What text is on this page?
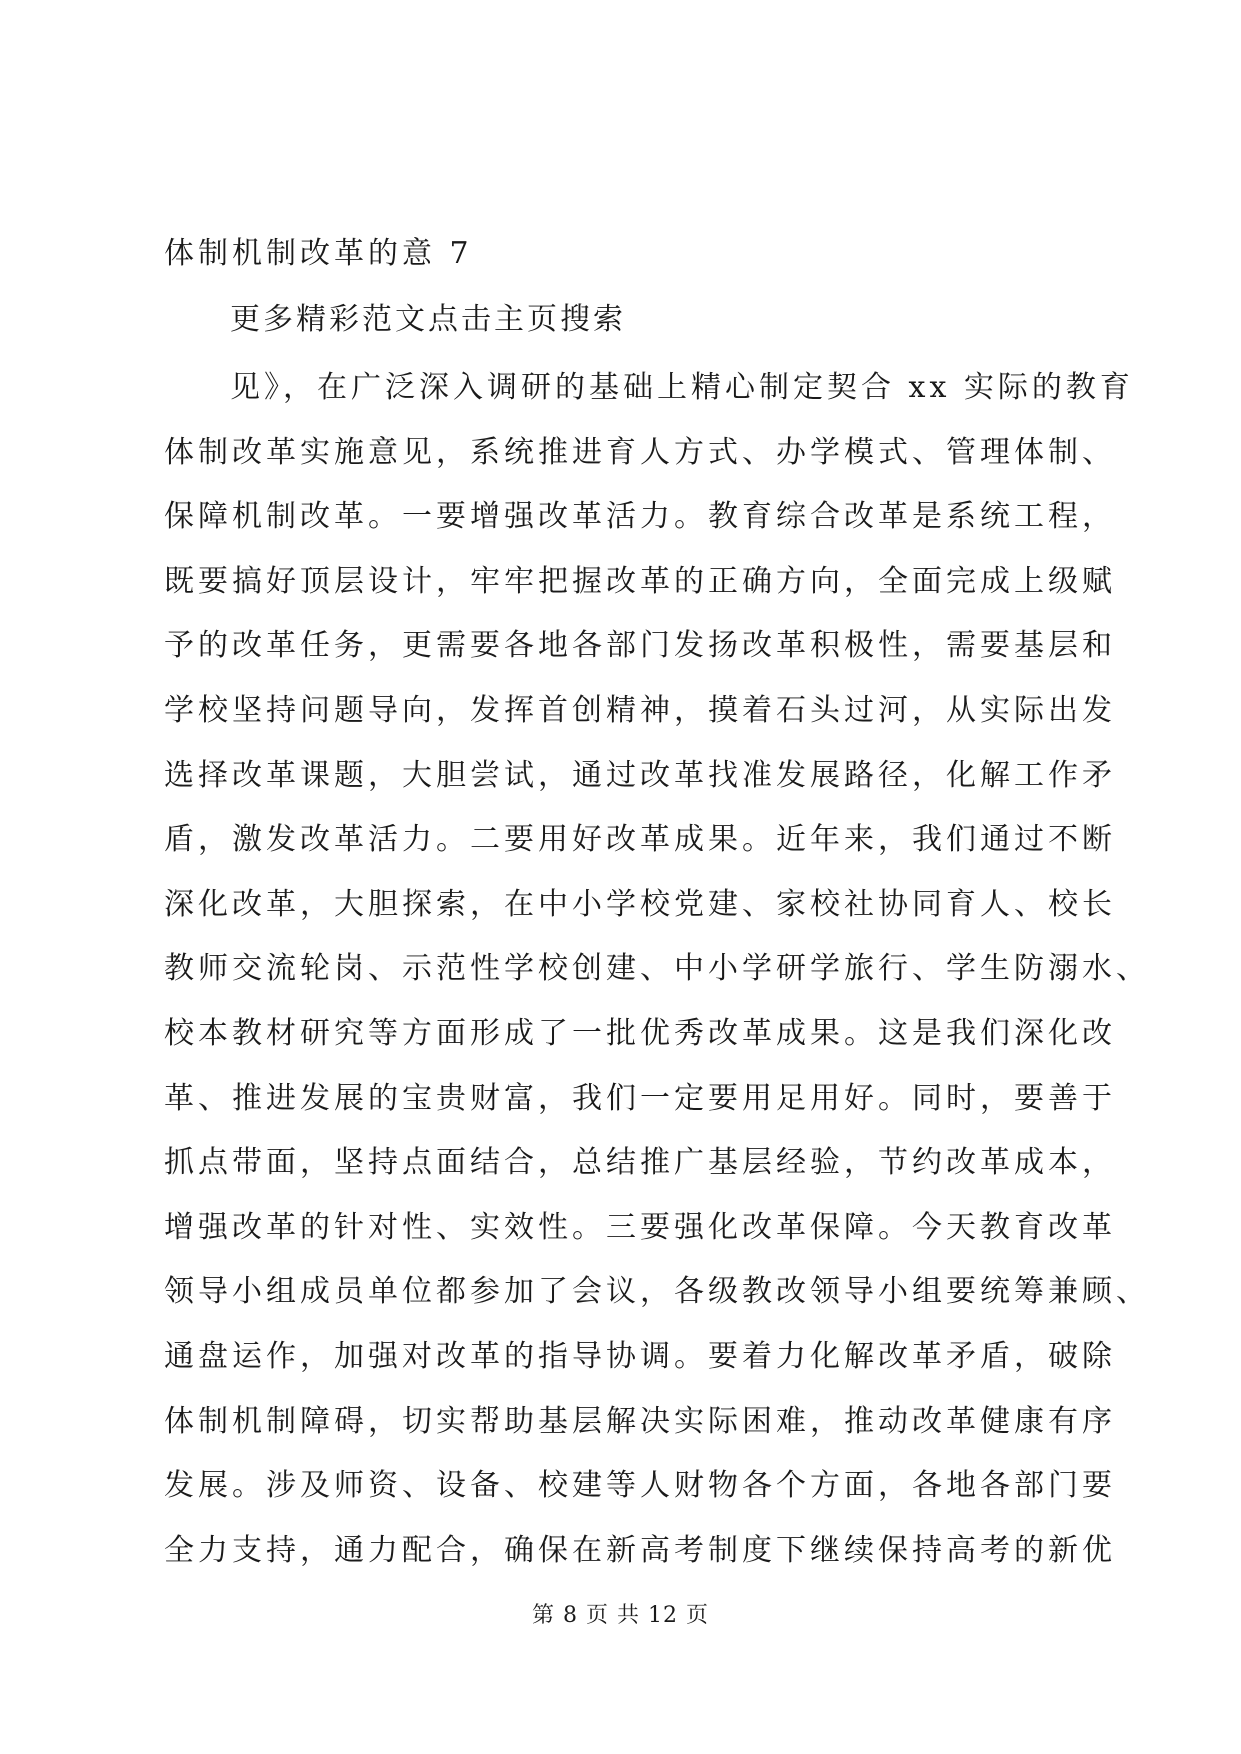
体制机制改革的意 7
更多精彩范文点击主页搜索
见》，在广泛深入调研的基础上精心制定契合 xx 实际的教育
体制改革实施意见，系统推进育人方式、办学模式、管理体制、
保障机制改革。一要增强改革活力。教育综合改革是系统工程，
既要搞好顶层设计，牢牢把握改革的正确方向，全面完成上级赋
予的改革任务，更需要各地各部门发扬改革积极性，需要基层和
学校坚持问题导向，发挥首创精神，摸着石头过河，从实际出发
选择改革课题，大胆尝试，通过改革找准发展路径，化解工作矛
盾，激发改革活力。二要用好改革成果。近年来，我们通过不断
深化改革，大胆探索，在中小学校党建、家校社协同育人、校长
教师交流轮岗、示范性学校创建、中小学研学旅行、学生防溺水、
校本教材研究等方面形成了一批优秀改革成果。这是我们深化改
革、推进发展的宝贵财富，我们一定要用足用好。同时，要善于
抓点带面，坚持点面结合，总结推广基层经验，节约改革成本，
增强改革的针对性、实效性。三要强化改革保障。今天教育改革
领导小组成员单位都参加了会议，各级教改领导小组要统筹兼顾、
通盘运作，加强对改革的指导协调。要着力化解改革矛盾，破除
体制机制障碍，切实帮助基层解决实际困难，推动改革健康有序
发展。涉及师资、设备、校建等人财物各个方面，各地各部门要
全力支持，通力配合，确保在新高考制度下继续保持高考的新优
第 8 页 共 12 页
